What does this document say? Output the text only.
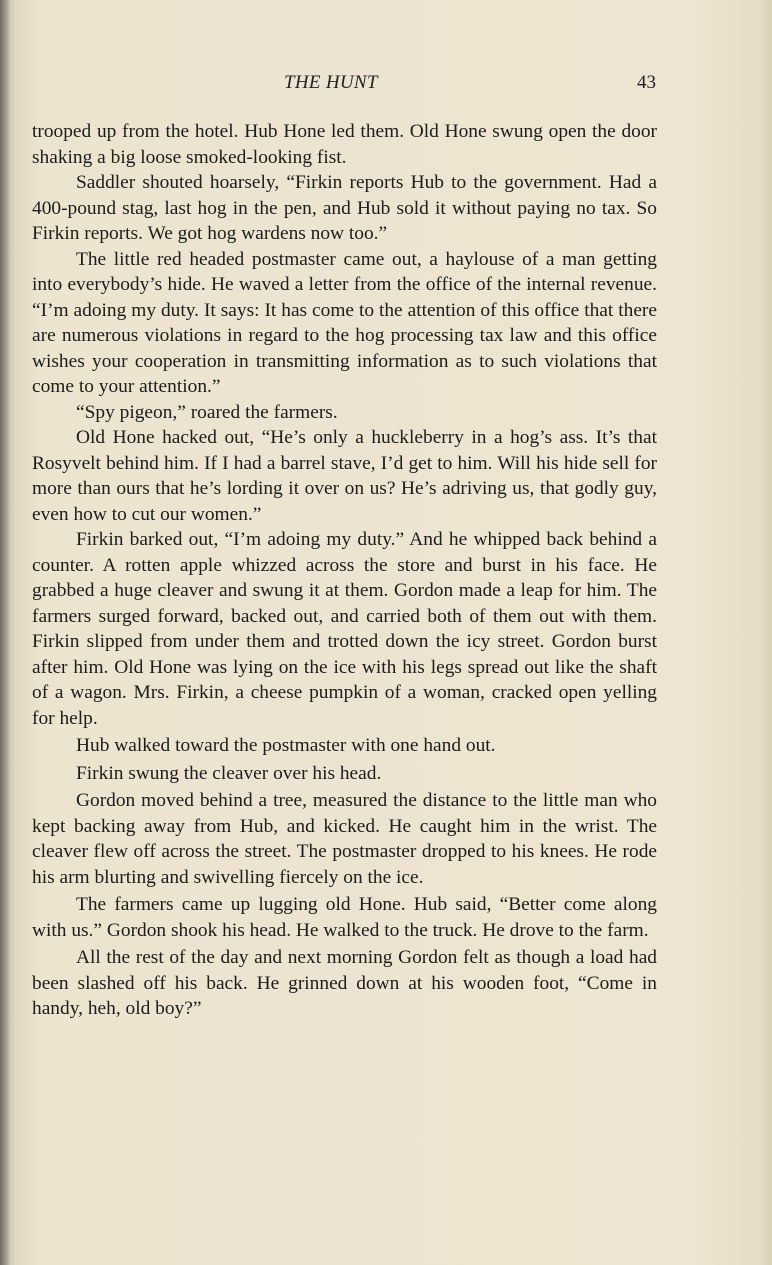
THE HUNT	43

trooped up from the hotel. Hub Hone led them. Old Hone swung open the door shaking a big loose smoked-looking fist.

Saddler shouted hoarsely, “Firkin reports Hub to the government. Had a 400-pound stag, last hog in the pen, and Hub sold it without paying no tax. So Firkin reports. We got hog wardens now too.”

The little red headed postmaster came out, a haylouse of a man getting into everybody’s hide. He waved a letter from the office of the internal revenue. “I’m adoing my duty. It says: It has come to the attention of this office that there are numerous violations in regard to the hog processing tax law and this office wishes your cooperation in transmitting information as to such violations that come to your attention.”

“Spy pigeon,” roared the farmers.

Old Hone hacked out, “He’s only a huckleberry in a hog’s ass. It’s that Rosyvelt behind him. If I had a barrel stave, I’d get to him. Will his hide sell for more than ours that he’s lording it over on us? He’s adriving us, that godly guy, even how to cut our women.”

Firkin barked out, “I’m adoing my duty.” And he whipped back behind a counter. A rotten apple whizzed across the store and burst in his face. He grabbed a huge cleaver and swung it at them. Gordon made a leap for him. The farmers surged forward, backed out, and carried both of them out with them. Firkin slipped from under them and trotted down the icy street. Gordon burst after him. Old Hone was lying on the ice with his legs spread out like the shaft of a wagon. Mrs. Firkin, a cheese pumpkin of a woman, cracked open yelling for help.

Hub walked toward the postmaster with one hand out.

Firkin swung the cleaver over his head.

Gordon moved behind a tree, measured the distance to the little man who kept backing away from Hub, and kicked. He caught him in the wrist. The cleaver flew off across the street. The postmaster dropped to his knees. He rode his arm blurting and swivelling fiercely on the ice.

The farmers came up lugging old Hone. Hub said, “Better come along with us.” Gordon shook his head. He walked to the truck. He drove to the farm.

All the rest of the day and next morning Gordon felt as though a load had been slashed off his back. He grinned down at his wooden foot, “Come in handy, heh, old boy?”
